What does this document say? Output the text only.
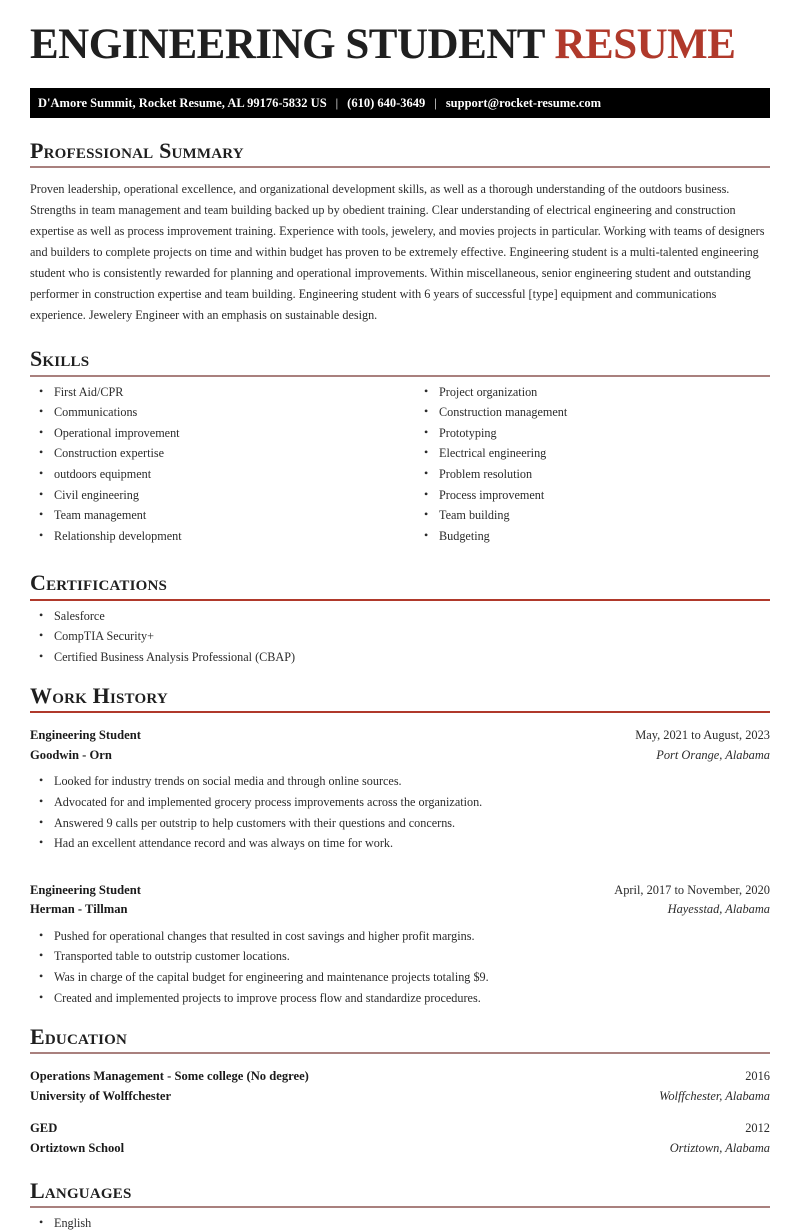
ENGINEERING STUDENT RESUME
D'Amore Summit, Rocket Resume, AL 99176-5832 US | (610) 640-3649 | support@rocket-resume.com
Professional Summary

Proven leadership, operational excellence, and organizational development skills, as well as a thorough understanding of the outdoors business. Strengths in team management and team building backed up by obedient training. Clear understanding of electrical engineering and construction expertise as well as process improvement training. Experience with tools, jewelery, and movies projects in particular. Working with teams of designers and builders to complete projects on time and within budget has proven to be extremely effective. Engineering student is a multi-talented engineering student who is consistently rewarded for planning and operational improvements. Within miscellaneous, senior engineering student and outstanding performer in construction expertise and team building. Engineering student with 6 years of successful [type] equipment and communications experience. Jewelery Engineer with an emphasis on sustainable design.

Skills
• First Aid/CPR
• Communications
• Operational improvement
• Construction expertise
• outdoors equipment
• Civil engineering
• Team management
• Relationship development
• Project organization
• Construction management
• Prototyping
• Electrical engineering
• Problem resolution
• Process improvement
• Team building
• Budgeting
Certifications
• Salesforce
• CompTIA Security+
• Certified Business Analysis Professional (CBAP)
Work History
Engineering Student	May, 2021 to August, 2023
Goodwin - Orn	Port Orange, Alabama
• Looked for industry trends on social media and through online sources.
• Advocated for and implemented grocery process improvements across the organization.
• Answered 9 calls per outstrip to help customers with their questions and concerns.
• Had an excellent attendance record and was always on time for work.
Engineering Student	April, 2017 to November, 2020
Herman - Tillman	Hayesstad, Alabama
• Pushed for operational changes that resulted in cost savings and higher profit margins.
• Transported table to outstrip customer locations.
• Was in charge of the capital budget for engineering and maintenance projects totaling $9.
• Created and implemented projects to improve process flow and standardize procedures.
Education
Operations Management - Some college (No degree)	2016
University of Wolffchester	Wolffchester, Alabama
GED	2012
Ortiztown School	Ortiztown, Alabama
Languages
• English
